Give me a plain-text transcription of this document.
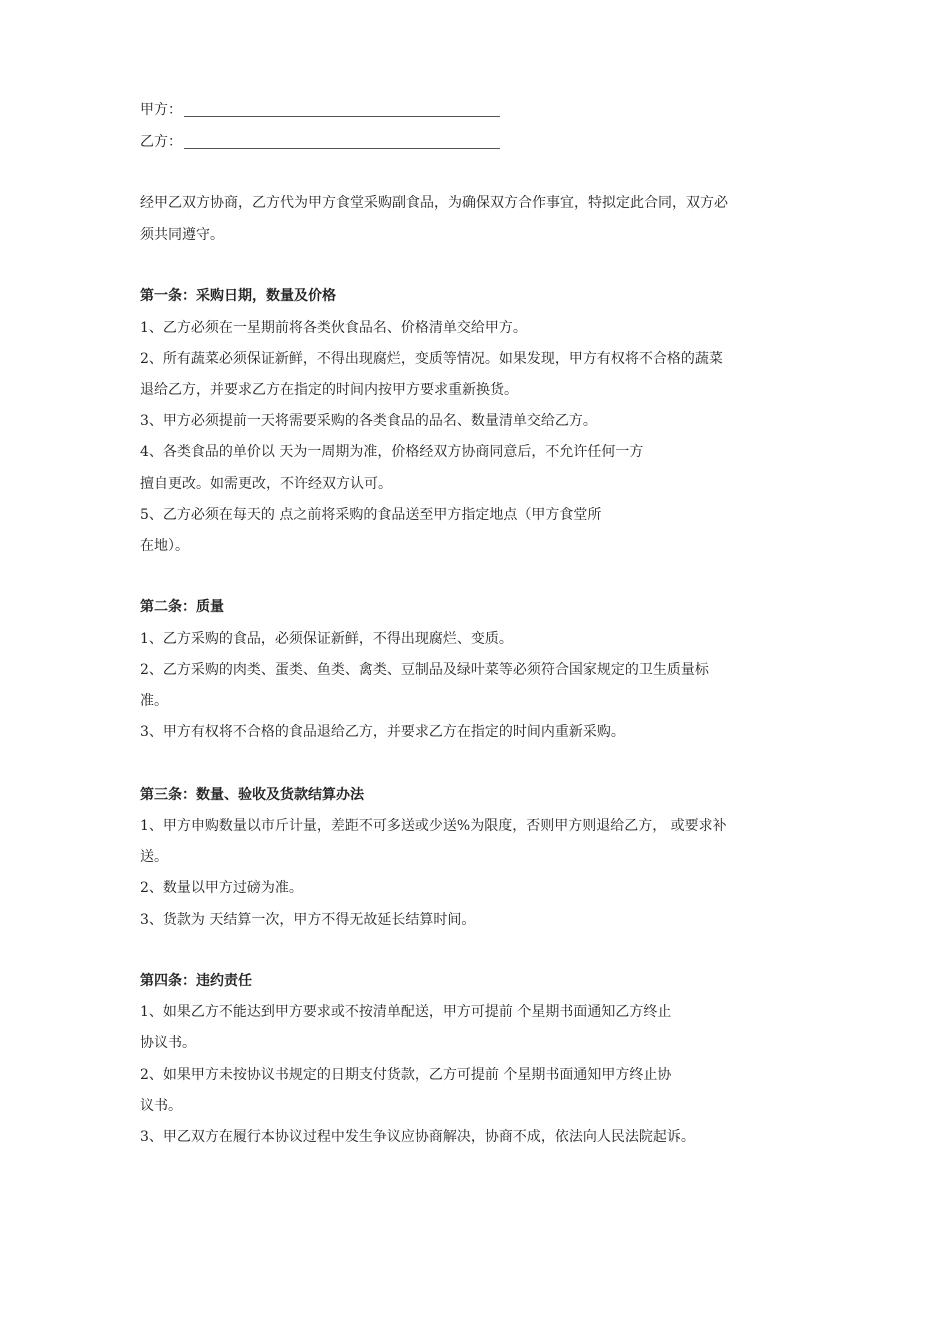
甲方：
乙方：

经甲乙双方协商，乙方代为甲方食堂采购副食品，为确保双方合作事宜，特拟定此合同，双方必

须共同遵守。

第一条：采购日期，数量及价格

1、乙方必须在一星期前将各类伙食品名、价格清单交给甲方。

2、所有蔬菜必须保证新鲜，不得出现腐烂，变质等情况。如果发现，甲方有权将不合格的蔬菜

退给乙方，并要求乙方在指定的时间内按甲方要求重新换货。

3、甲方必须提前一天将需要采购的各类食品的品名、数量清单交给乙方。

4、各类食品的单价以 天为一周期为准，价格经双方协商同意后，不允许任何一方

擅自更改。如需更改，不许经双方认可。

5、乙方必须在每天的 点之前将采购的食品送至甲方指定地点（甲方食堂所

在地）。

第二条：质量

1、乙方采购的食品，必须保证新鲜，不得出现腐烂、变质。

2、乙方采购的肉类、蛋类、鱼类、禽类、豆制品及绿叶菜等必须符合国家规定的卫生质量标

准。

3、甲方有权将不合格的食品退给乙方，并要求乙方在指定的时间内重新采购。

第三条：数量、验收及货款结算办法

1、甲方申购数量以市斤计量，差距不可多送或少送%为限度，否则甲方则退给乙方， 或要求补

送。

2、数量以甲方过磅为准。

3、货款为 天结算一次，甲方不得无故延长结算时间。

第四条：违约责任

1、如果乙方不能达到甲方要求或不按清单配送，甲方可提前 个星期书面通知乙方终止

协议书。

2、如果甲方未按协议书规定的日期支付货款，乙方可提前 个星期书面通知甲方终止协

议书。

3、甲乙双方在履行本协议过程中发生争议应协商解决，协商不成，依法向人民法院起诉。
